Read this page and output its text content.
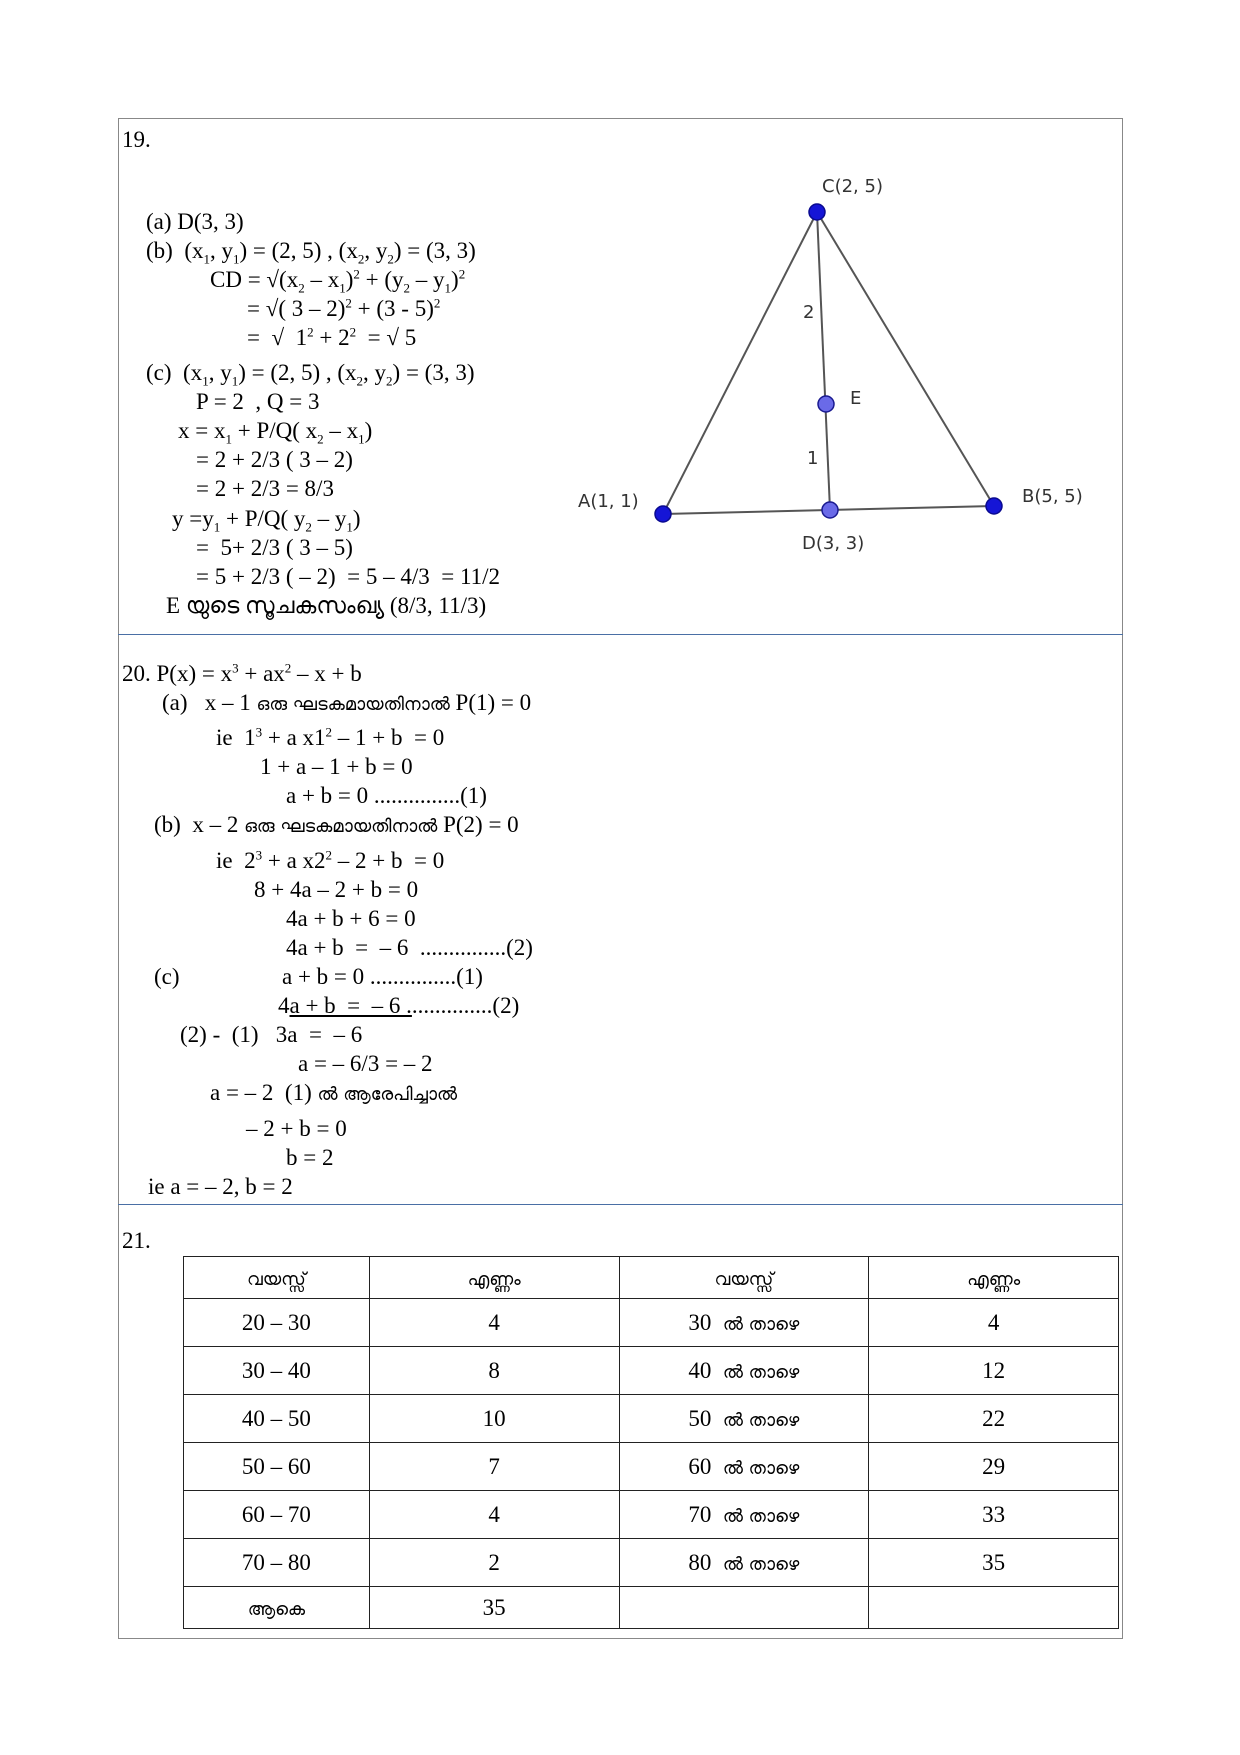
19.
(a) D(3, 3)
(b)  ($x_1$, $y_1) = (2$, 5) , ($x_2$, $y_2) = (3$, 3)
CD = $√(x_2 - x_1)^2 + (y_2 - y_1)^2$
= √( 3 – 2)$^2$ + (3 - 5)$^2$
=  √  $1^2 + 2^2$  = √ 5
(c)  ($x_1$, $y_1) = (2$, 5) , ($x_2$, $y_2) = (3$, 3)
P = 2  , Q = 3
$x = x_1 + P/Q$( $x_2 - x_1$)
= 2 + 2/3 ( 3 – 2)
= 2 + 2/3 = 8/3
$y =y_1 + P/Q$( $y_2 - y_1$)
=  5+ 2/3 ( 3 – 5)
= 5 + 2/3 ( – 2)  = 5 – 4/3  = 11/2
E യുടെ സൂചകസംഖ്യ (8/3, 11/3)
C(2, 5)
A(1, 1)	B(5, 5)
E
D(3, 3)
2
1
20. $P(x) = x^3 + ax^2 - x + b$
(a)   x – 1 ഒരു ഘടകമായതിനാൽ P(1) = 0
ie  $1^3 + a$ $x1^2 - 1 + b = 0$
1 + a – 1 + b = 0
a + b = 0 ...............(1)
(b)  x – 2 ഒരു ഘടകമായതിനാൽ P(2) = 0
ie  $2^3 + a$ $x2^2 - 2 + b = 0$
8 + 4a – 2 + b = 0
4a + b + 6 = 0
4a + b  =  – 6  ...............(2)
(c)	a + b = 0 ...............(1)
4a + b  =  – 6 ...............(2)
(2) -  (1)   3a  =  – 6
a = – 6/3 = – 2
a = – 2  (1) ൽ ആരേപിച്ചാൽ
– 2 + b = 0
b = 2
ie a = – 2, b = 2
21.
വയസ്സ്	എണ്ണം	വയസ്സ്	എണ്ണം
20 – 30	4	30 ൽ താഴെ	4
30 – 40	8	40 ൽ താഴെ	12
40 – 50	10	50 ൽ താഴെ	22
50 – 60	7	60 ൽ താഴെ	29
60 – 70	4	70 ൽ താഴെ	33
70 – 80	2	80 ൽ താഴെ	35
ആകെ	35		
